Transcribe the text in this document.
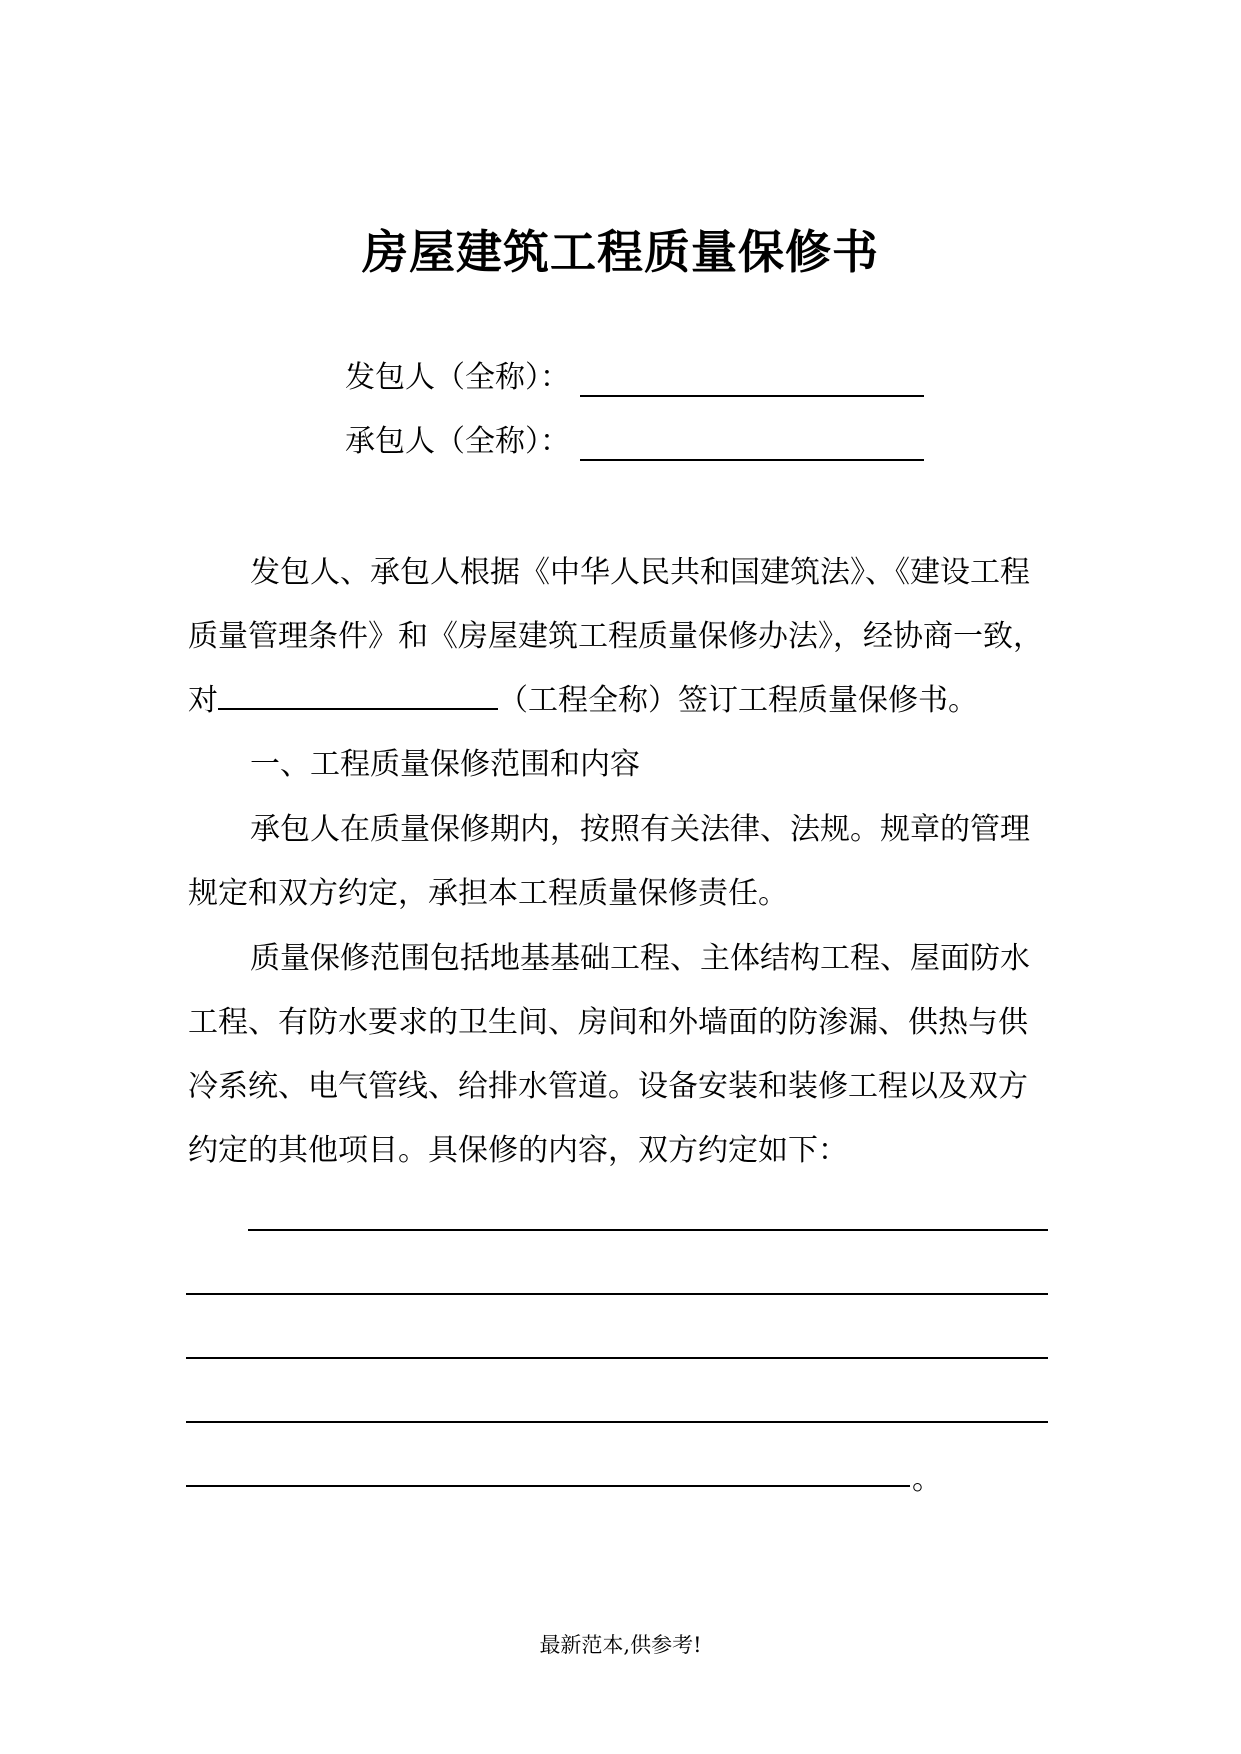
房屋建筑工程质量保修书
发包人（全称）：
承包人（全称）：
发包人、承包人根据《中华人民共和国建筑法》、《建设工程
质量管理条件》和《房屋建筑工程质量保修办法》，经协商一致，
对	（工程全称）签订工程质量保修书。
一、工程质量保修范围和内容
承包人在质量保修期内，按照有关法律、法规。规章的管理
规定和双方约定，承担本工程质量保修责任。
质量保修范围包括地基基础工程、主体结构工程、屋面防水
工程、有防水要求的卫生间、房间和外墙面的防渗漏、供热与供
冷系统、电气管线、给排水管道。设备安装和装修工程以及双方
约定的其他项目。具保修的内容，双方约定如下：
。
最新范本,供参考!
